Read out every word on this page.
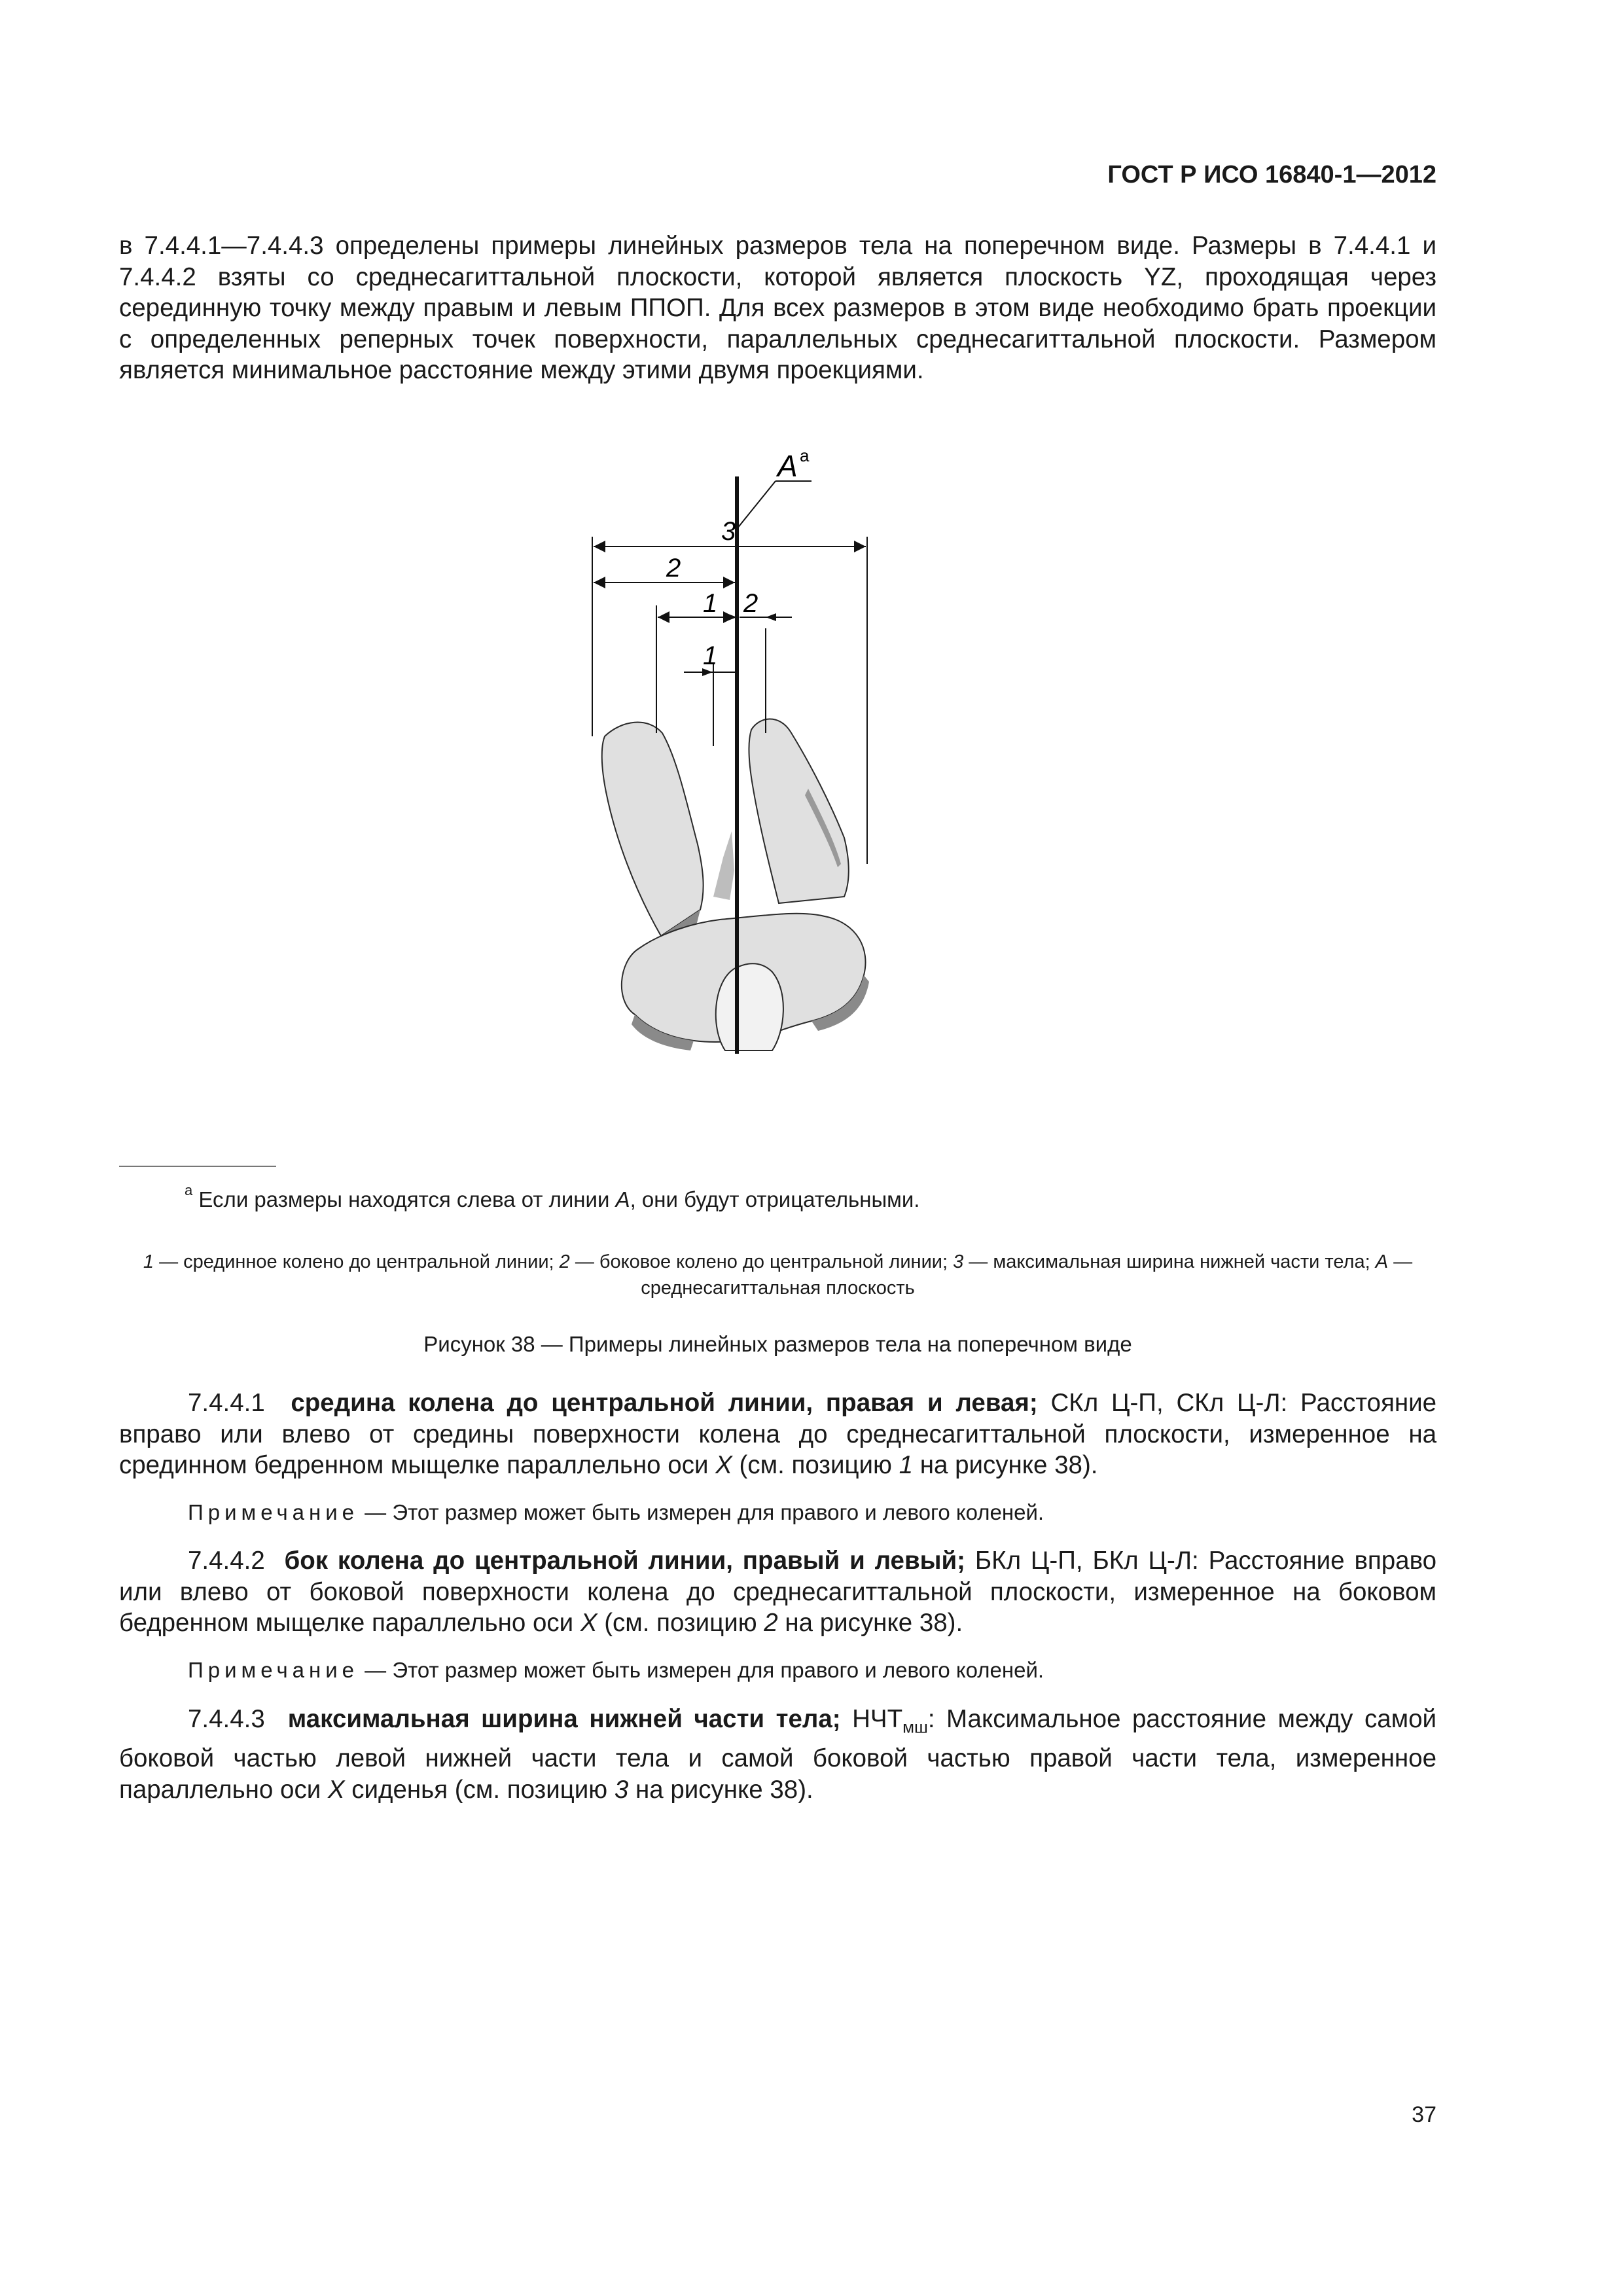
ГОСТ Р ИСО 16840-1—2012
в 7.4.4.1—7.4.4.3 определены примеры линейных размеров тела на поперечном виде. Размеры в 7.4.4.1 и 7.4.4.2 взяты со среднесагиттальной плоскости, которой является плоскость YZ, проходящая через серединную точку между правым и левым ППОП. Для всех размеров в этом виде необходимо брать проекции с определенных реперных точек поверхности, параллельных среднесагиттальной плоскости. Размером является минимальное расстояние между этими двумя проекциями.
A a
3
2
1 2
1
$^a$ Если размеры находятся слева от линии A, они будут отрицательными.
1 — срединное колено до центральной линии; 2 — боковое колено до центральной линии; 3 — максимальная ширина нижней части тела; A — среднесагиттальная плоскость
Рисунок 38 — Примеры линейных размеров тела на поперечном виде
7.4.4.1 средина колена до центральной линии, правая и левая; СКл Ц-П, СКл Ц-Л: Расстояние вправо или влево от средины поверхности колена до среднесагиттальной плоскости, измеренное на срединном бедренном мыщелке параллельно оси X (см. позицию 1 на рисунке 38).
Примечание — Этот размер может быть измерен для правого и левого коленей.
7.4.4.2 бок колена до центральной линии, правый и левый; БКл Ц-П, БКл Ц-Л: Расстояние вправо или влево от боковой поверхности колена до среднесагиттальной плоскости, измеренное на боковом бедренном мыщелке параллельно оси X (см. позицию 2 на рисунке 38).
Примечание — Этот размер может быть измерен для правого и левого коленей.
7.4.4.3 максимальная ширина нижней части тела; $НЧТ_{мш}$: Максимальное расстояние между самой боковой частью левой нижней части тела и самой боковой частью правой части тела, измеренное параллельно оси X сиденья (см. позицию 3 на рисунке 38).
37
